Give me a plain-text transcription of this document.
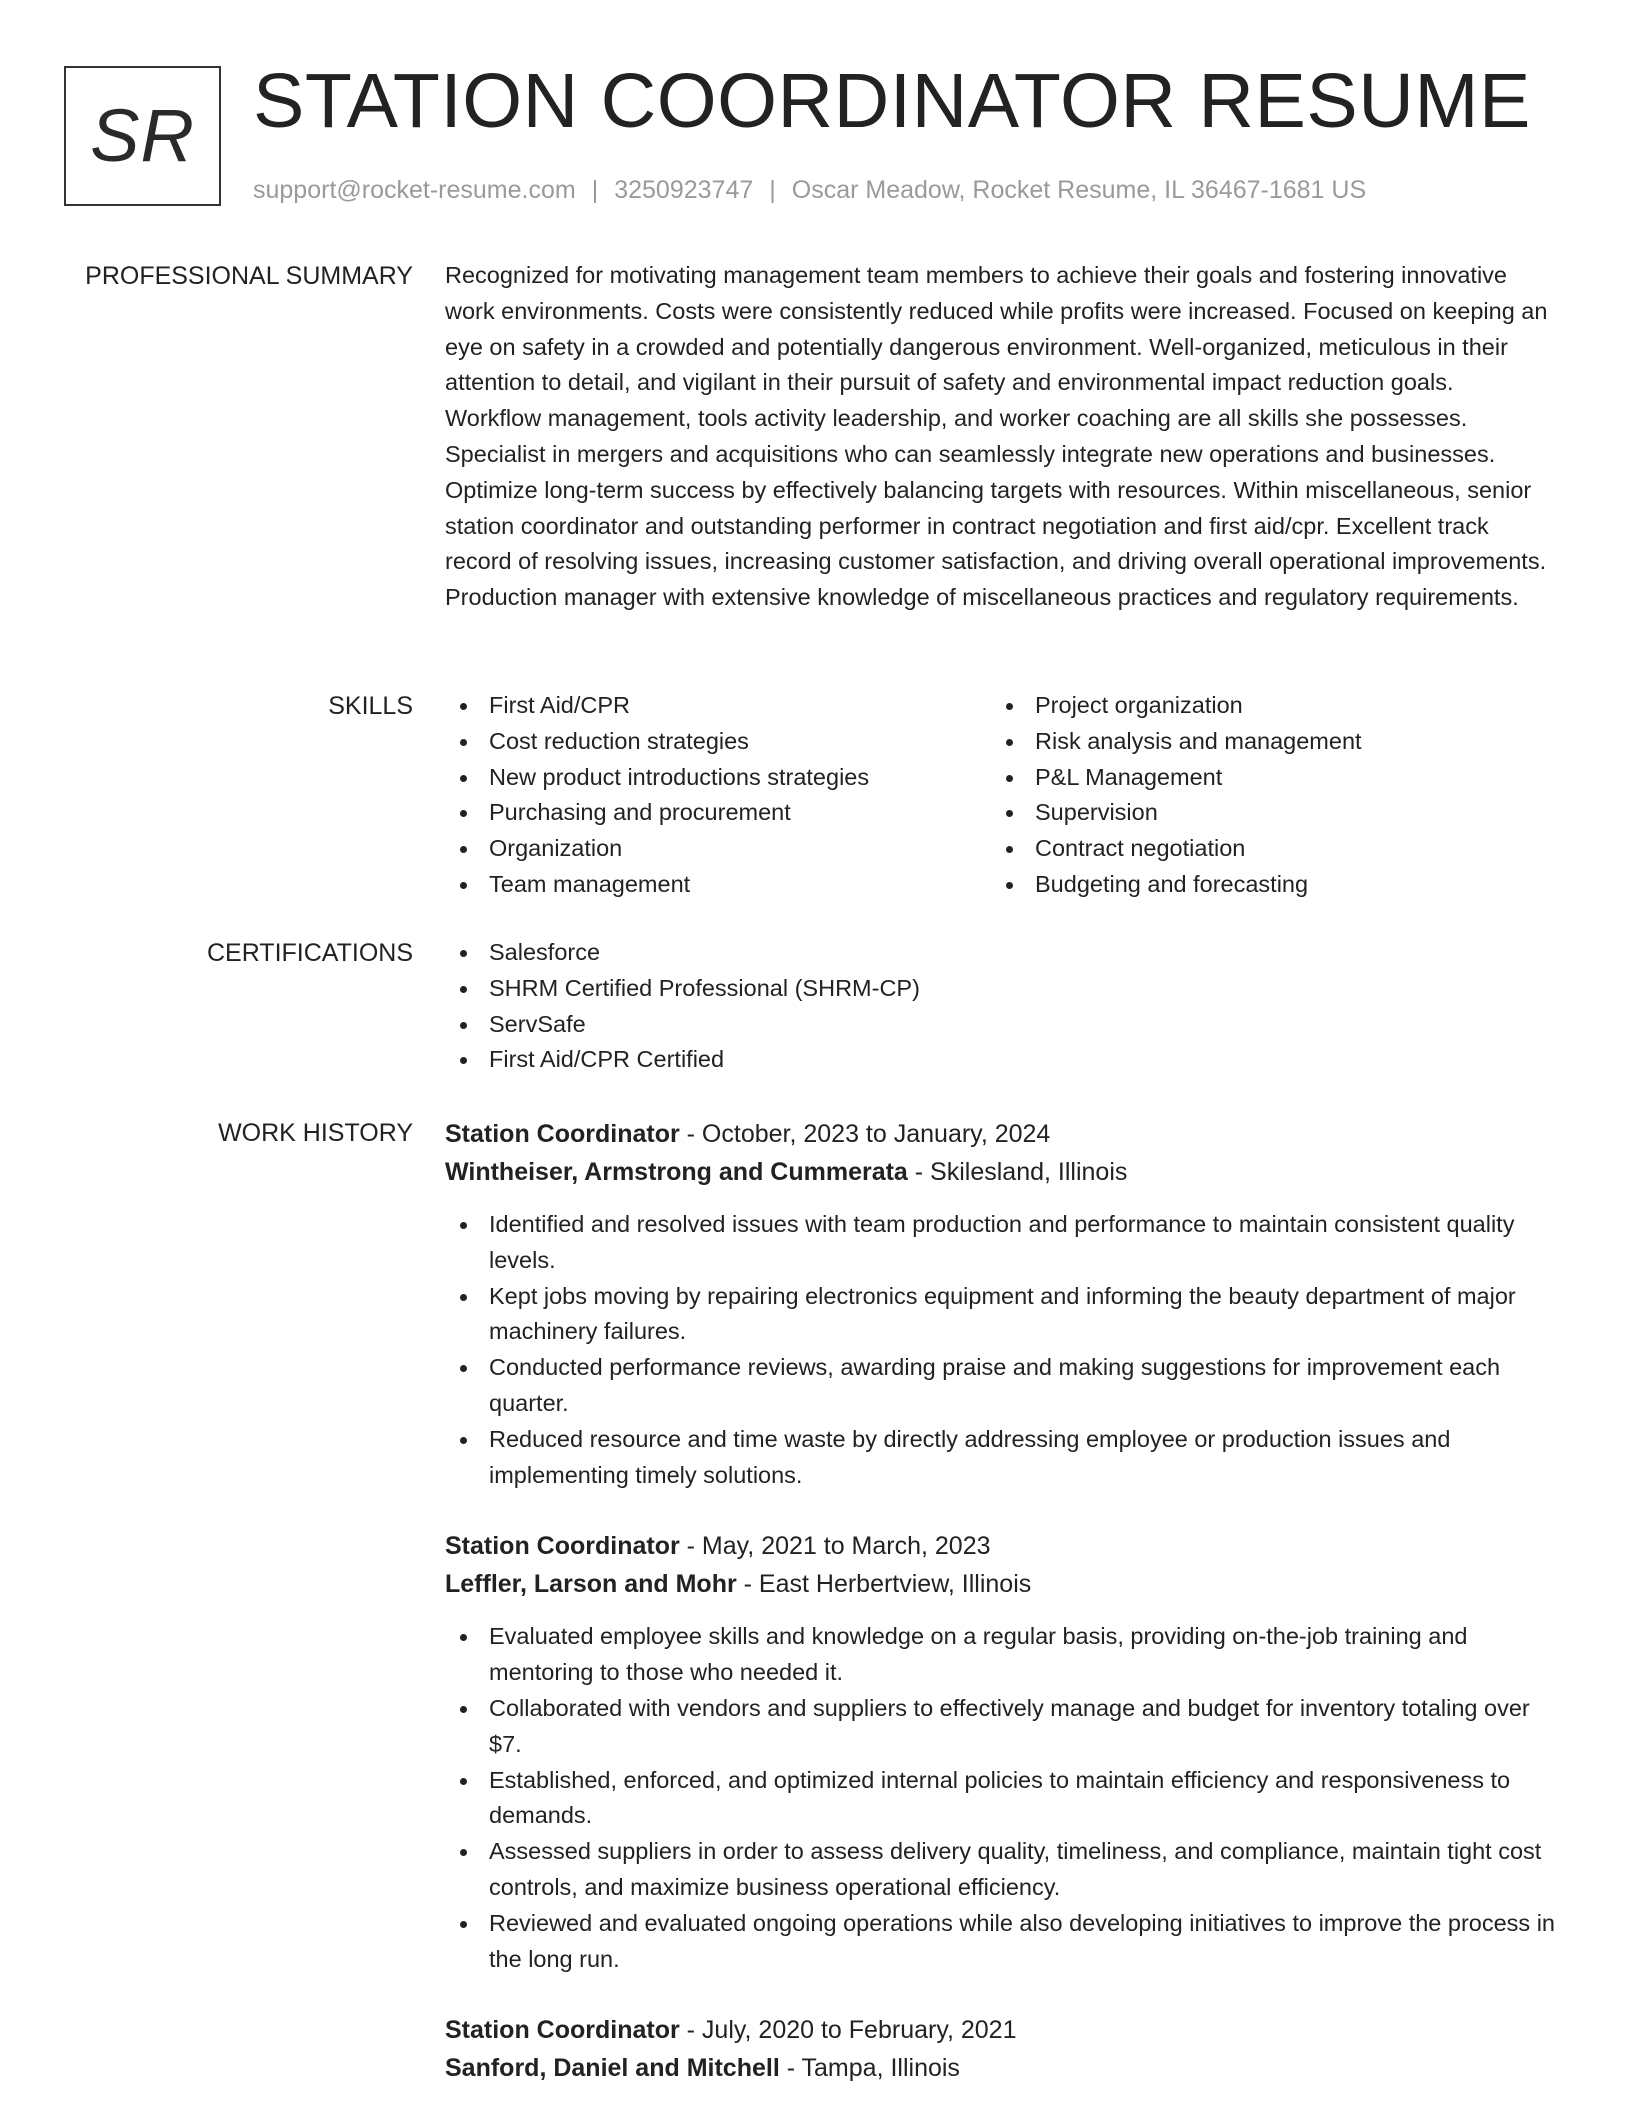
SR STATION COORDINATOR RESUME
support@rocket-resume.com | 3250923747 | Oscar Meadow, Rocket Resume, IL 36467-1681 US
PROFESSIONAL SUMMARY Recognized for motivating management team members to achieve their goals and fostering innovative work environments. Costs were consistently reduced while profits were increased. Focused on keeping an eye on safety in a crowded and potentially dangerous environment. Well-organized, meticulous in their attention to detail, and vigilant in their pursuit of safety and environmental impact reduction goals. Workflow management, tools activity leadership, and worker coaching are all skills she possesses. Specialist in mergers and acquisitions who can seamlessly integrate new operations and businesses. Optimize long-term success by effectively balancing targets with resources. Within miscellaneous, senior station coordinator and outstanding performer in contract negotiation and first aid/cpr. Excellent track record of resolving issues, increasing customer satisfaction, and driving overall operational improvements. Production manager with extensive knowledge of miscellaneous practices and regulatory requirements.

SKILLS	First Aid/CPR
Cost reduction strategies
New product introductions strategies
Purchasing and procurement
Organization
Team management
Project organization
Risk analysis and management
P&L Management
Supervision
Contract negotiation
Budgeting and forecasting
CERTIFICATIONS	Salesforce
SHRM Certified Professional (SHRM-CP)
ServSafe
First Aid/CPR Certified
WORK HISTORY Station Coordinator - October, 2023 to January, 2024
Wintheiser, Armstrong and Cummerata - Skilesland, Illinois
Identified and resolved issues with team production and performance to maintain consistent quality levels.
Kept jobs moving by repairing electronics equipment and informing the beauty department of major machinery failures.
Conducted performance reviews, awarding praise and making suggestions for improvement each quarter.
Reduced resource and time waste by directly addressing employee or production issues and implementing timely solutions.
Station Coordinator - May, 2021 to March, 2023
Leffler, Larson and Mohr - East Herbertview, Illinois
Evaluated employee skills and knowledge on a regular basis, providing on-the-job training and mentoring to those who needed it.
Collaborated with vendors and suppliers to effectively manage and budget for inventory totaling over $7.
Established, enforced, and optimized internal policies to maintain efficiency and responsiveness to demands.
Assessed suppliers in order to assess delivery quality, timeliness, and compliance, maintain tight cost controls, and maximize business operational efficiency.
Reviewed and evaluated ongoing operations while also developing initiatives to improve the process in the long run.
Station Coordinator - July, 2020 to February, 2021
Sanford, Daniel and Mitchell - Tampa, Illinois
